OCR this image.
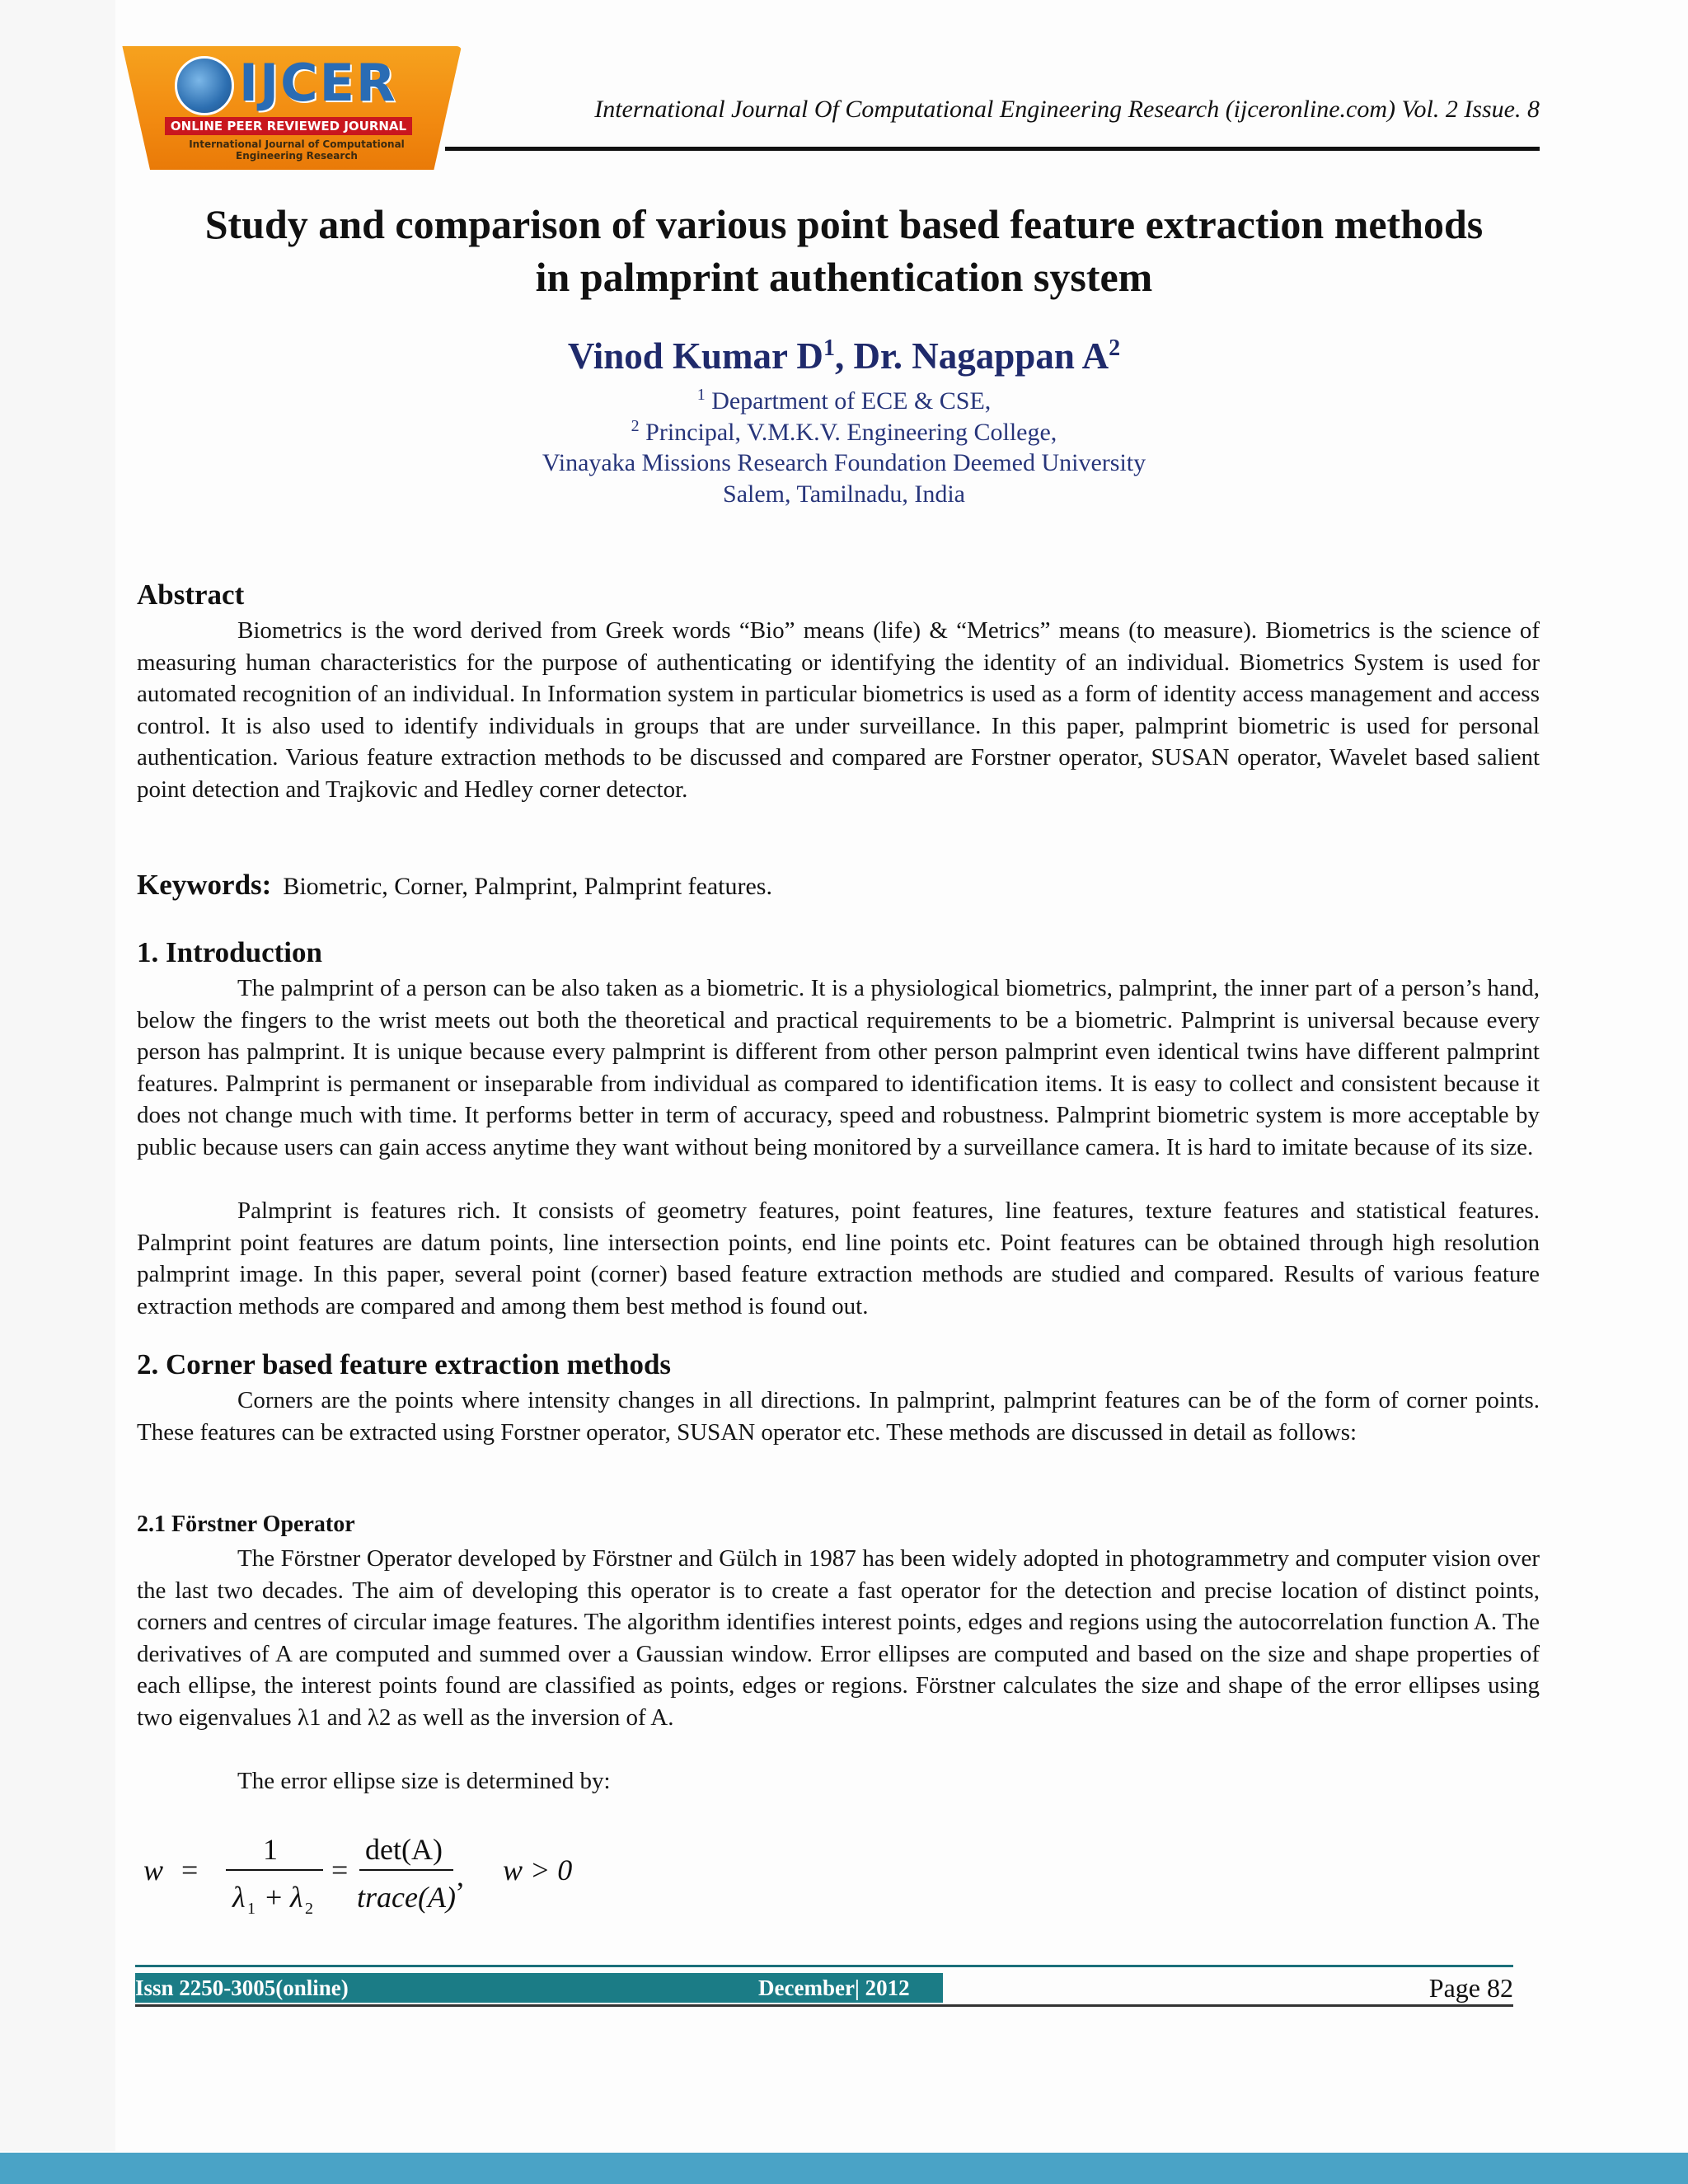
IJCER
ONLINE PEER REVIEWED JOURNAL
International Journal of Computational
Engineering Research
International Journal Of Computational Engineering Research (ijceronline.com) Vol. 2 Issue. 8
Study and comparison of various point based feature extraction methods
in palmprint authentication system
Vinod Kumar $D^1$, Dr. Nagappan $A^2$
$^1$ Department of ECE & CSE,
$^2$ Principal, V.M.K.V. Engineering College,
Vinayaka Missions Research Foundation Deemed University
Salem, Tamilnadu, India
Abstract

Biometrics is the word derived from Greek words “Bio” means (life) & “Metrics” means (to measure). Biometrics is the science of measuring human characteristics for the purpose of authenticating or identifying the identity of an individual. Biometrics System is used for automated recognition of an individual. In Information system in particular biometrics is used as a form of identity access management and access control. It is also used to identify individuals in groups that are under surveillance. In this paper, palmprint biometric is used for personal authentication. Various feature extraction methods to be discussed and compared are Forstner operator, SUSAN operator, Wavelet based salient point detection and Trajkovic and Hedley corner detector.

Keywords: Biometric, Corner, Palmprint, Palmprint features.
1. Introduction

The palmprint of a person can be also taken as a biometric. It is a physiological biometrics, palmprint, the inner part of a person’s hand, below the fingers to the wrist meets out both the theoretical and practical requirements to be a biometric. Palmprint is universal because every person has palmprint. It is unique because every palmprint is different from other person palmprint even identical twins have different palmprint features. Palmprint is permanent or inseparable from individual as compared to identification items. It is easy to collect and consistent because it does not change much with time. It performs better in term of accuracy, speed and robustness. Palmprint biometric system is more acceptable by public because users can gain access anytime they want without being monitored by a surveillance camera. It is hard to imitate because of its size.

Palmprint is features rich. It consists of geometry features, point features, line features, texture features and statistical features. Palmprint point features are datum points, line intersection points, end line points etc. Point features can be obtained through high resolution palmprint image. In this paper, several point (corner) based feature extraction methods are studied and compared. Results of various feature extraction methods are compared and among them best method is found out.

2. Corner based feature extraction methods

Corners are the points where intensity changes in all directions. In palmprint, palmprint features can be of the form of corner points. These features can be extracted using Forstner operator, SUSAN operator etc. These methods are discussed in detail as follows:

2.1 Förstner Operator

The Förstner Operator developed by Förstner and Gülch in 1987 has been widely adopted in photogrammetry and computer vision over the last two decades. The aim of developing this operator is to create a fast operator for the detection and precise location of distinct points, corners and centres of circular image features. The algorithm identifies interest points, edges and regions using the autocorrelation function A. The derivatives of A are computed and summed over a Gaussian window. Error ellipses are computed and based on the size and shape properties of each ellipse, the interest points found are classified as points, edges or regions. Förstner calculates the size and shape of the error ellipses using two eigenvalues λ1 and λ2 as well as the inversion of A.

The error ellipse size is determined by:

w =
1
λ 1 + λ 2
=
det(A)
trace(A)
, w > 0
Issn 2250-3005(online)	December| 2012	Page 82
